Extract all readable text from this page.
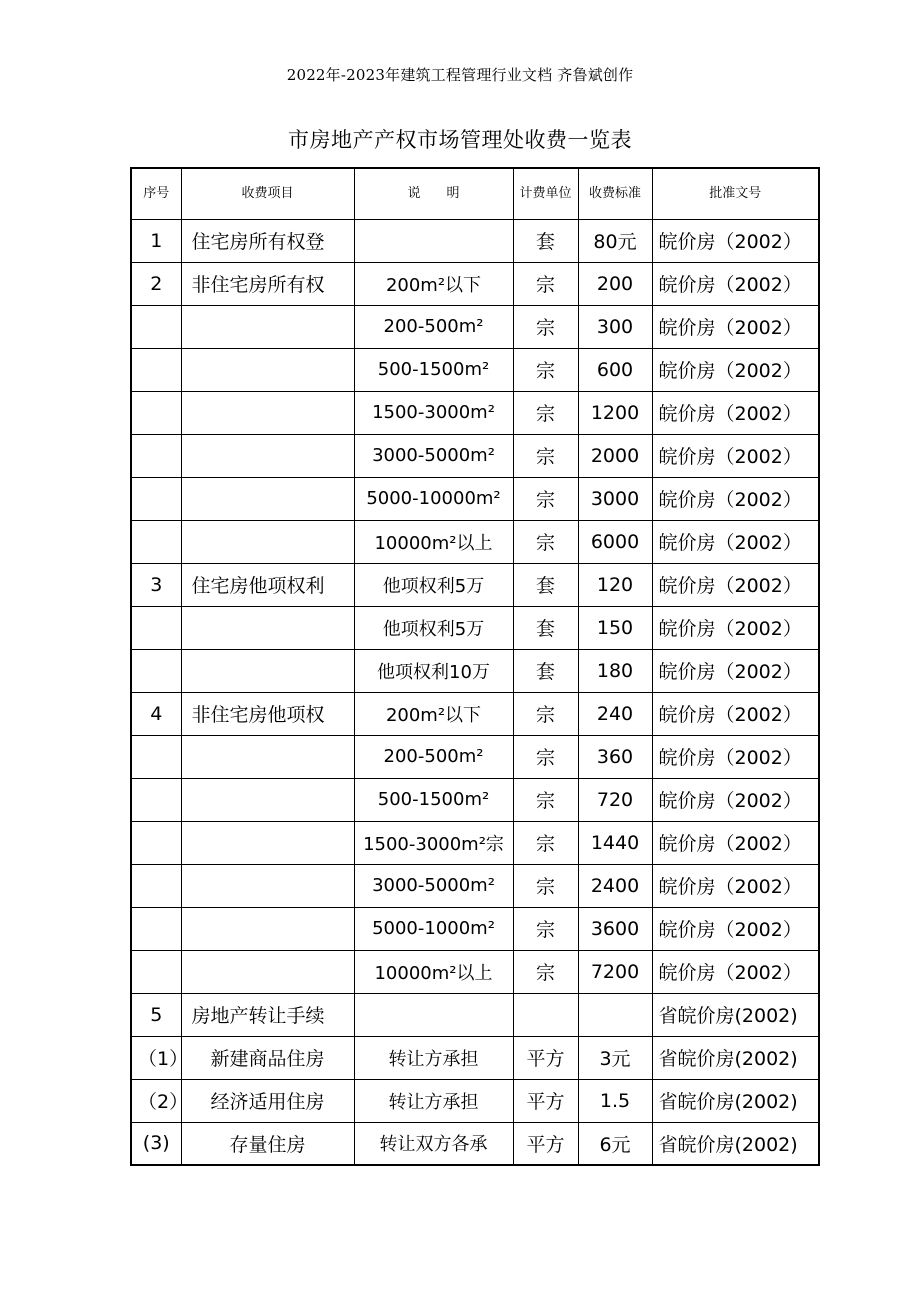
2022年-2023年建筑工程管理行业文档 齐鲁斌创作
市房地产产权市场管理处收费一览表
序号	收费项目	说　　明	计费单位	收费标准	批准文号
1	住宅房所有权登		套	80元	皖价房（2002）
2	非住宅房所有权	200m²以下	宗	200	皖价房（2002）
		200-500m²	宗	300	皖价房（2002）
		500-1500m²	宗	600	皖价房（2002）
		1500-3000m²	宗	1200	皖价房（2002）
		3000-5000m²	宗	2000	皖价房（2002）
		5000-10000m²	宗	3000	皖价房（2002）
		10000m²以上	宗	6000	皖价房（2002）
3	住宅房他项权利	他项权利5万	套	120	皖价房（2002）
		他项权利5万	套	150	皖价房（2002）
		他项权利10万	套	180	皖价房（2002）
4	非住宅房他项权	200m²以下	宗	240	皖价房（2002）
		200-500m²	宗	360	皖价房（2002）
		500-1500m²	宗	720	皖价房（2002）
		1500-3000m²宗	宗	1440	皖价房（2002）
		3000-5000m²	宗	2400	皖价房（2002）
		5000-1000m²	宗	3600	皖价房（2002）
		10000m²以上	宗	7200	皖价房（2002）
5	房地产转让手续				省皖价房(2002)
（1）	新建商品住房	转让方承担	平方	3元	省皖价房(2002)
（2）	经济适用住房	转让方承担	平方	1.5	省皖价房(2002)
(3)	存量住房	转让双方各承	平方	6元	省皖价房(2002)
